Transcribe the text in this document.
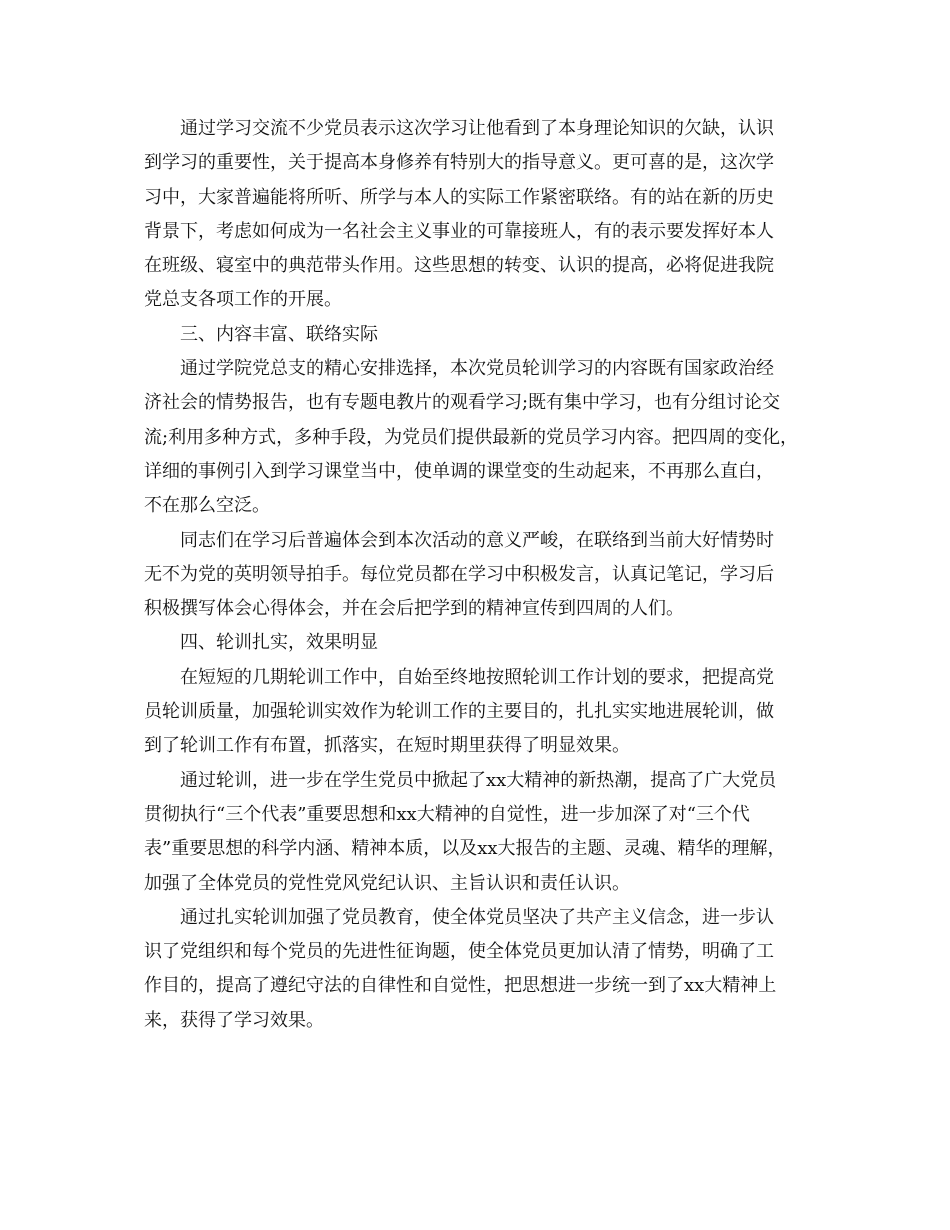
通过学习交流不少党员表示这次学习让他看到了本身理论知识的欠缺，认识
到学习的重要性，关于提高本身修养有特别大的指导意义。更可喜的是，这次学
习中，大家普遍能将所听、所学与本人的实际工作紧密联络。有的站在新的历史
背景下，考虑如何成为一名社会主义事业的可靠接班人，有的表示要发挥好本人
在班级、寝室中的典范带头作用。这些思想的转变、认识的提高，必将促进我院
党总支各项工作的开展。
三、内容丰富、联络实际
通过学院党总支的精心安排选择，本次党员轮训学习的内容既有国家政治经
济社会的情势报告，也有专题电教片的观看学习;既有集中学习，也有分组讨论交
流;利用多种方式，多种手段，为党员们提供最新的党员学习内容。把四周的变化，
详细的事例引入到学习课堂当中，使单调的课堂变的生动起来，不再那么直白，
不在那么空泛。
同志们在学习后普遍体会到本次活动的意义严峻，在联络到当前大好情势时
无不为党的英明领导拍手。每位党员都在学习中积极发言，认真记笔记，学习后
积极撰写体会心得体会，并在会后把学到的精神宣传到四周的人们。
四、轮训扎实，效果明显
在短短的几期轮训工作中，自始至终地按照轮训工作计划的要求，把提高党
员轮训质量，加强轮训实效作为轮训工作的主要目的，扎扎实实地进展轮训，做
到了轮训工作有布置，抓落实，在短时期里获得了明显效果。
通过轮训，进一步在学生党员中掀起了xx大精神的新热潮，提高了广大党员
贯彻执行“三个代表”重要思想和xx大精神的自觉性，进一步加深了对“三个代
表”重要思想的科学内涵、精神本质，以及xx大报告的主题、灵魂、精华的理解，
加强了全体党员的党性党风党纪认识、主旨认识和责任认识。
通过扎实轮训加强了党员教育，使全体党员坚决了共产主义信念，进一步认
识了党组织和每个党员的先进性征询题，使全体党员更加认清了情势，明确了工
作目的，提高了遵纪守法的自律性和自觉性，把思想进一步统一到了xx大精神上
来，获得了学习效果。
